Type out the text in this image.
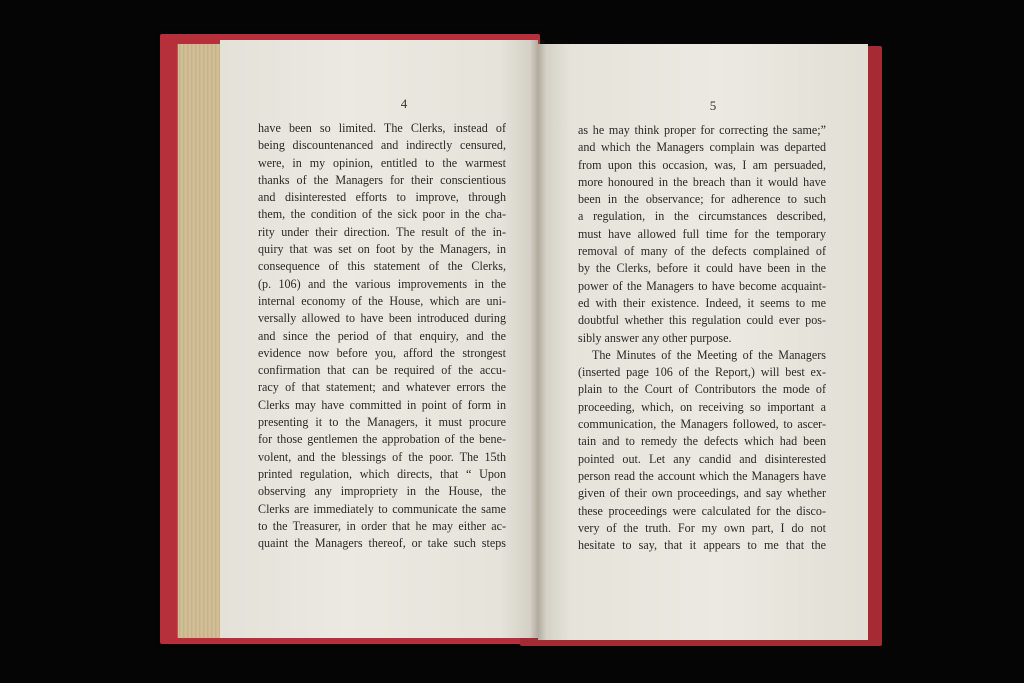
4
have been so limited. The Clerks, instead of
being discountenanced and indirectly censured,
were, in my opinion, entitled to the warmest
thanks of the Managers for their conscientious
and disinterested efforts to improve, through
them, the condition of the sick poor in the cha-
rity under their direction. The result of the in-
quiry that was set on foot by the Managers, in
consequence of this statement of the Clerks,
(p. 106) and the various improvements in the
internal economy of the House, which are uni-
versally allowed to have been introduced during
and since the period of that enquiry, and the
evidence now before you, afford the strongest
confirmation that can be required of the accu-
racy of that statement; and whatever errors the
Clerks may have committed in point of form in
presenting it to the Managers, it must procure
for those gentlemen the approbation of the bene-
volent, and the blessings of the poor. The 15th
printed regulation, which directs, that “ Upon
observing any impropriety in the House, the
Clerks are immediately to communicate the same
to the Treasurer, in order that he may either ac-
quaint the Managers thereof, or take such steps
5
as he may think proper for correcting the same;”
and which the Managers complain was departed
from upon this occasion, was, I am persuaded,
more honoured in the breach than it would have
been in the observance; for adherence to such
a regulation, in the circumstances described,
must have allowed full time for the temporary
removal of many of the defects complained of
by the Clerks, before it could have been in the
power of the Managers to have become acquaint-
ed with their existence. Indeed, it seems to me
doubtful whether this regulation could ever pos-
sibly answer any other purpose.
The Minutes of the Meeting of the Managers
(inserted page 106 of the Report,) will best ex-
plain to the Court of Contributors the mode of
proceeding, which, on receiving so important a
communication, the Managers followed, to ascer-
tain and to remedy the defects which had been
pointed out. Let any candid and disinterested
person read the account which the Managers have
given of their own proceedings, and say whether
these proceedings were calculated for the disco-
very of the truth. For my own part, I do not
hesitate to say, that it appears to me that the
